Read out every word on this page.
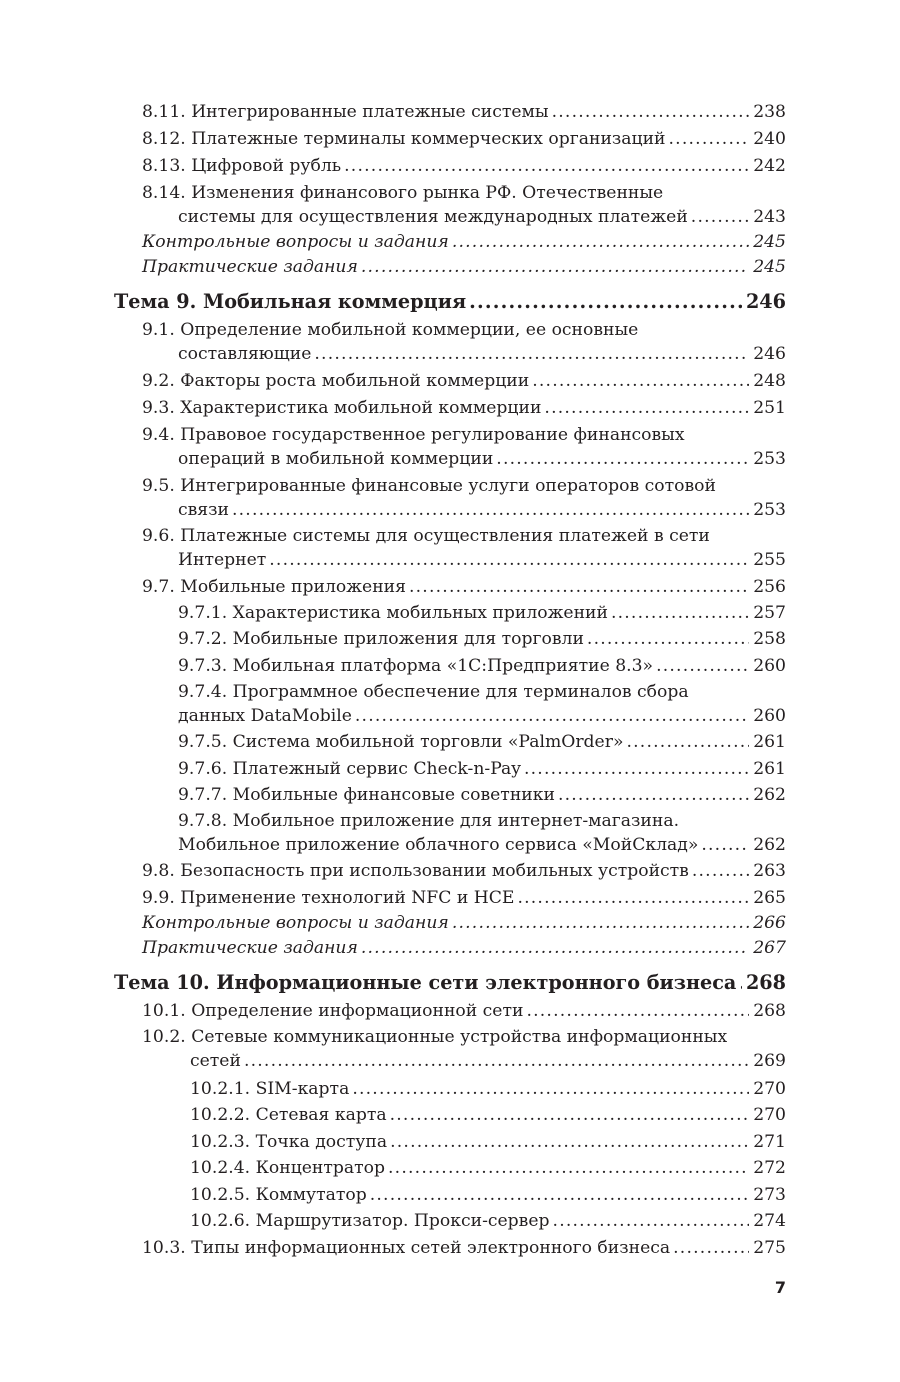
8.11. Интегрированные платежные системы .....	238
8.12. Платежные терминалы коммерческих организаций .....	240
8.13. Цифровой рубль .....	242
8.14. Изменения финансового рынка РФ. Отечественные
системы для осуществления международных платежей .....	243
Контрольные вопросы и задания .....	245
Практические задания .....	245
Тема 9. Мобильная коммерция .....	246
9.1. Определение мобильной коммерции, ее основные
составляющие .....	246
9.2. Факторы роста мобильной коммерции .....	248
9.3. Характеристика мобильной коммерции .....	251
9.4. Правовое государственное регулирование финансовых
операций в мобильной коммерции .....	253
9.5. Интегрированные финансовые услуги операторов сотовой
связи .....	253
9.6. Платежные системы для осуществления платежей в сети
Интернет .....	255
9.7. Мобильные приложения .....	256
9.7.1. Характеристика мобильных приложений .....	257
9.7.2. Мобильные приложения для торговли .....	258
9.7.3. Мобильная платформа «1С:Предприятие 8.3» .....	260
9.7.4. Программное обеспечение для терминалов сбора
данных DataMobile .....	260
9.7.5. Система мобильной торговли «PalmOrder» .....	261
9.7.6. Платежный сервис Check-n-Pay .....	261
9.7.7. Мобильные финансовые советники .....	262
9.7.8. Мобильное приложение для интернет-магазина.
Мобильное приложение облачного сервиса «МойСклад» .....	262
9.8. Безопасность при использовании мобильных устройств .....	263
9.9. Применение технологий NFC и HCE .....	265
Контрольные вопросы и задания .....	266
Практические задания .....	267
Тема 10. Информационные сети электронного бизнеса ..... 268
10.1. Определение информационной сети .....	268
10.2. Сетевые коммуникационные устройства информационных
сетей .....	269
10.2.1. SIM-карта .....	270
10.2.2. Сетевая карта .....	270
10.2.3. Точка доступа .....	271
10.2.4. Концентратор .....	272
10.2.5. Коммутатор .....	273
10.2.6. Маршрутизатор. Прокси-сервер .....	274
10.3. Типы информационных сетей электронного бизнеса .....	275
7
